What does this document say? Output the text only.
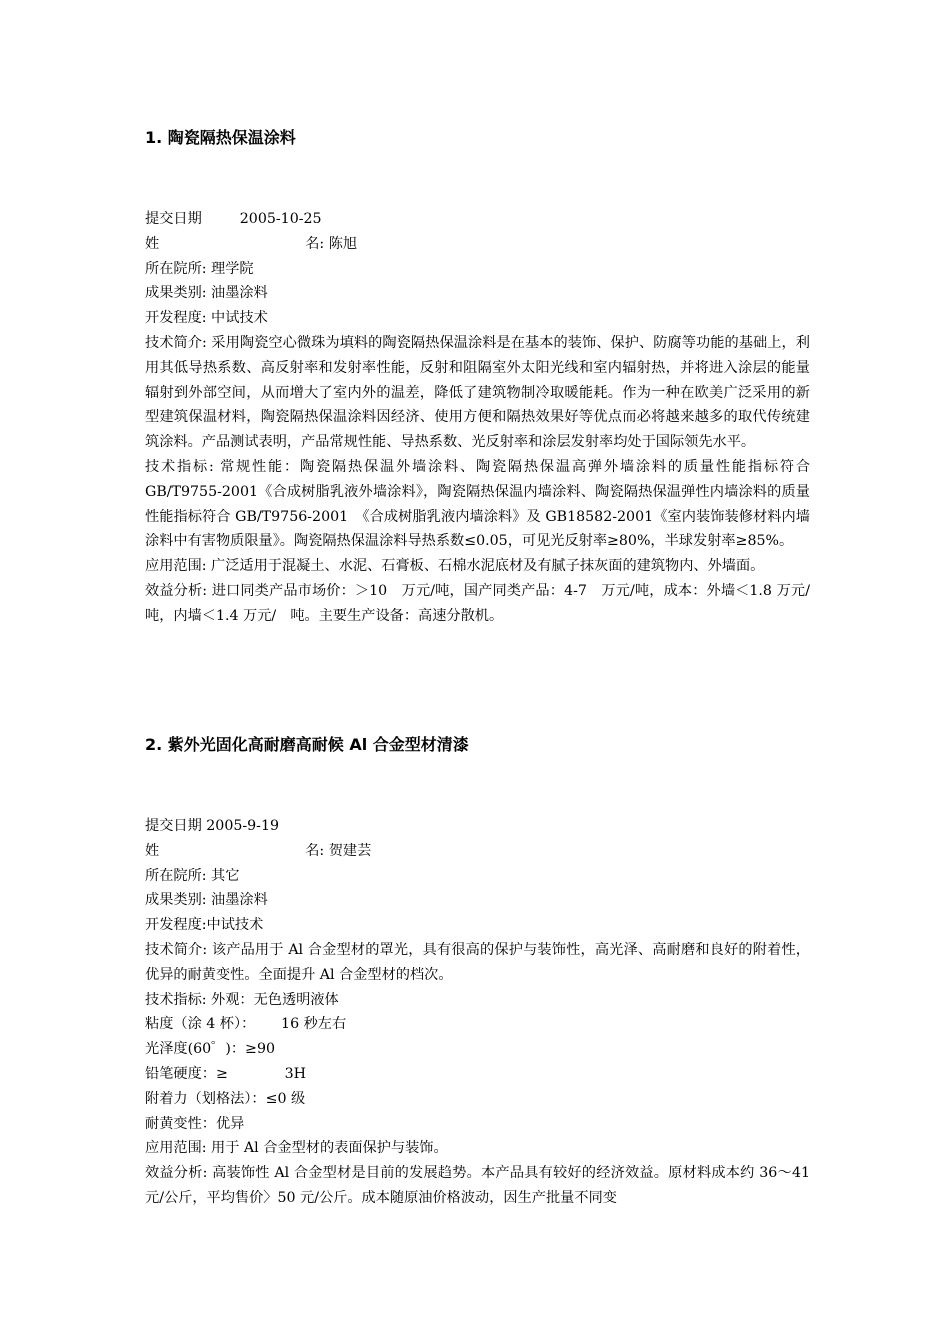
1. 陶瓷隔热保温涂料
提交日期	2005-10-25
姓	名: 陈旭
所在院所: 理学院
成果类别: 油墨涂料
开发程度: 中试技术
技术简介: 采用陶瓷空心微珠为填料的陶瓷隔热保温涂料是在基本的装饰、保护、防腐等功能的基础上，利用其低导热系数、高反射率和发射率性能，反射和阻隔室外太阳光线和室内辐射热，并将进入涂层的能量辐射到外部空间，从而增大了室内外的温差，降低了建筑物制冷取暖能耗。作为一种在欧美广泛采用的新型建筑保温材料，陶瓷隔热保温涂料因经济、使用方便和隔热效果好等优点而必将越来越多的取代传统建筑涂料。产品测试表明，产品常规性能、导热系数、光反射率和涂层发射率均处于国际领先水平。
技术指标: 常规性能：陶瓷隔热保温外墙涂料、陶瓷隔热保温高弹外墙涂料的质量性能指标符合 GB/T9755-2001《合成树脂乳液外墙涂料》，陶瓷隔热保温内墙涂料、陶瓷隔热保温弹性内墙涂料的质量性能指标符合 GB/T9756-2001　《合成树脂乳液内墙涂料》及 GB18582-2001《室内装饰装修材料内墙涂料中有害物质限量》。陶瓷隔热保温涂料导热系数≤0.05，可见光反射率≥80%，半球发射率≥85%。
应用范围: 广泛适用于混凝土、水泥、石膏板、石棉水泥底材及有腻子抹灰面的建筑物内、外墙面。
效益分析: 进口同类产品市场价：＞10　万元/吨，国产同类产品：4-7　万元/吨，成本：外墙＜1.8 万元/吨，内墙＜1.4 万元/　吨。主要生产设备：高速分散机。
2. 紫外光固化高耐磨高耐候 Al 合金型材清漆
提交日期 2005-9-19
姓	名: 贺建芸
所在院所: 其它
成果类别: 油墨涂料
开发程度:中试技术
技术简介: 该产品用于 Al 合金型材的罩光，具有很高的保护与装饰性，高光泽、高耐磨和良好的附着性，优异的耐黄变性。全面提升 Al 合金型材的档次。
技术指标: 外观：无色透明液体
粘度（涂 4 杯）：　　 16 秒左右
光泽度(60゜)：≥90
铅笔硬度：≥　　　　3H
附着力（划格法）：≤0 级
耐黄变性：优异
应用范围: 用于 Al 合金型材的表面保护与装饰。
效益分析: 高装饰性 Al 合金型材是目前的发展趋势。本产品具有较好的经济效益。原材料成本约 36～41 元/公斤，平均售价〉50 元/公斤。成本随原油价格波动，因生产批量不同变
